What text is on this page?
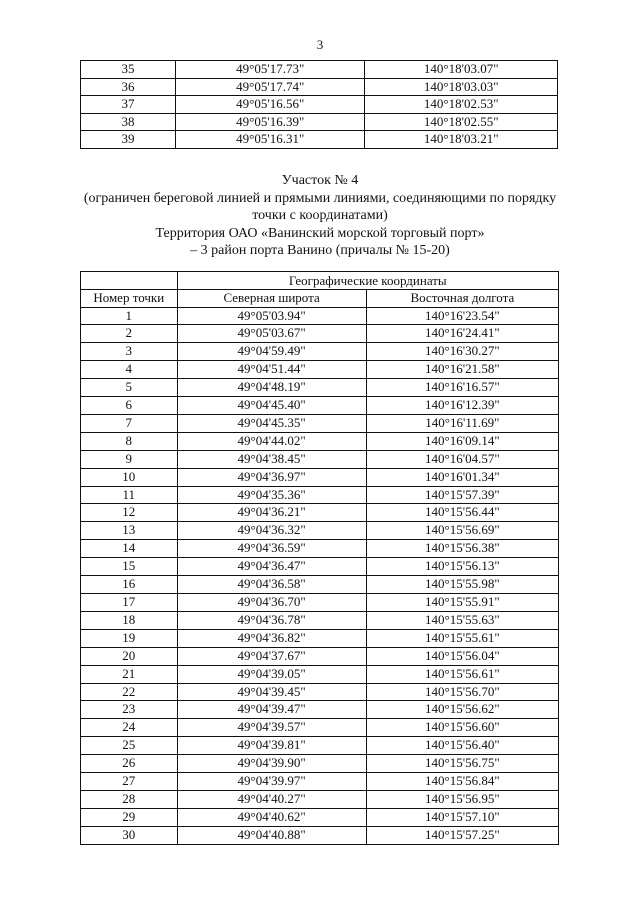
3
35	49°05'17.73"	140°18'03.07"
36	49°05'17.74"	140°18'03.03"
37	49°05'16.56"	140°18'02.53"
38	49°05'16.39"	140°18'02.55"
39	49°05'16.31"	140°18'03.21"
Участок № 4
(ограничен береговой линией и прямыми линиями, соединяющими по порядку
точки с координатами)
Территория ОАО «Ванинский морской торговый порт»
– 3 район порта Ванино (причалы № 15-20)
	Географические координаты	
Номер точки	Северная широта	Восточная долгота
1	49°05'03.94"	140°16'23.54"
2	49°05'03.67"	140°16'24.41"
3	49°04'59.49"	140°16'30.27"
4	49°04'51.44"	140°16'21.58"
5	49°04'48.19"	140°16'16.57"
6	49°04'45.40"	140°16'12.39"
7	49°04'45.35"	140°16'11.69"
8	49°04'44.02"	140°16'09.14"
9	49°04'38.45"	140°16'04.57"
10	49°04'36.97"	140°16'01.34"
11	49°04'35.36"	140°15'57.39"
12	49°04'36.21"	140°15'56.44"
13	49°04'36.32"	140°15'56.69"
14	49°04'36.59"	140°15'56.38"
15	49°04'36.47"	140°15'56.13"
16	49°04'36.58"	140°15'55.98"
17	49°04'36.70"	140°15'55.91"
18	49°04'36.78"	140°15'55.63"
19	49°04'36.82"	140°15'55.61"
20	49°04'37.67"	140°15'56.04"
21	49°04'39.05"	140°15'56.61"
22	49°04'39.45"	140°15'56.70"
23	49°04'39.47"	140°15'56.62"
24	49°04'39.57"	140°15'56.60"
25	49°04'39.81"	140°15'56.40"
26	49°04'39.90"	140°15'56.75"
27	49°04'39.97"	140°15'56.84"
28	49°04'40.27"	140°15'56.95"
29	49°04'40.62"	140°15'57.10"
30	49°04'40.88"	140°15'57.25"
